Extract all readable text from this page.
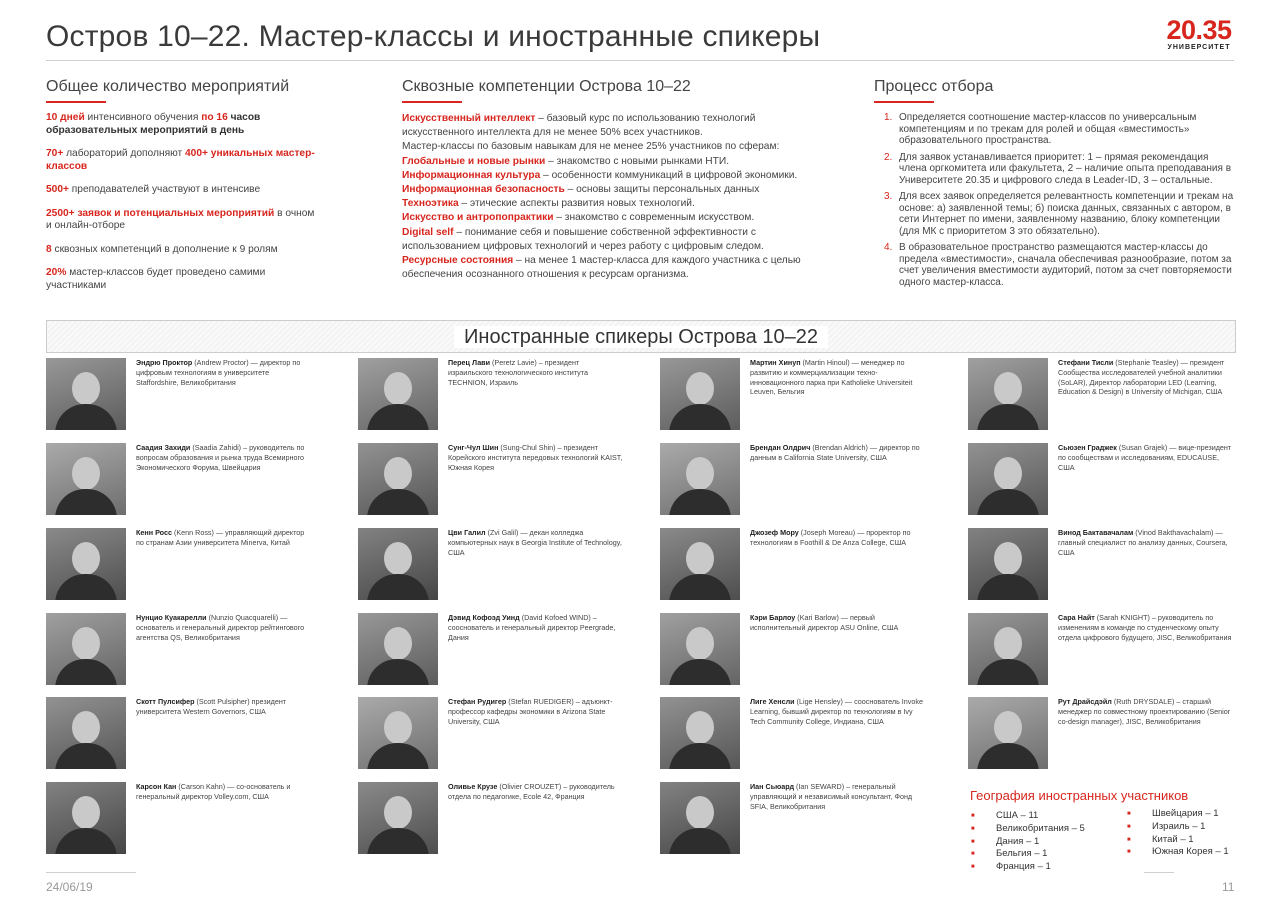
Остров 10–22. Мастер-классы и иностранные спикеры	20.35
УНИВЕРСИТЕТ
Общее количество мероприятий
10 дней интенсивного обучения по 16 часов образовательных мероприятий в день
70+ лабораторий дополняют 400+ уникальных мастер-классов
500+ преподавателей участвуют в интенсиве
2500+ заявок и потенциальных мероприятий в очном и онлайн-отборе
8 сквозных компетенций в дополнение к 9 ролям
20% мастер-классов будет проведено самими участниками
Сквозные компетенции Острова 10–22
Искусственный интеллект – базовый курс по использованию технологий искусственного интеллекта для не менее 50% всех участников.
Мастер-классы по базовым навыкам для не менее 25% участников по сферам:
Глобальные и новые рынки – знакомство с новыми рынками НТИ.
Информационная культура – особенности коммуникаций в цифровой экономики.
Информационная безопасность – основы защиты персональных данных
Техноэтика – этические аспекты развития новых технологий.
Искусство и антропопрактики – знакомство с современным искусством.
Digital self – понимание себя и повышение собственной эффективности с использованием цифровых технологий и через работу с цифровым следом.
Ресурсные состояния – на менее 1 мастер-класса для каждого участника с целью обеспечения осознанного отношения к ресурсам организма.
Процесс отбора
1. Определяется соотношение мастер-классов по универсальным компетенциям и по трекам для ролей и общая «вместимость» образовательного пространства.
2. Для заявок устанавливается приоритет: 1 – прямая рекомендация члена оргкомитета или факультета, 2 – наличие опыта преподавания в Университете 20.35 и цифрового следа в Leader-ID, 3 – остальные.
3. Для всех заявок определяется релевантность компетенции и трекам на основе: а) заявленной темы; б) поиска данных, связанных с автором, в сети Интернет по имени, заявленному названию, блоку компетенции (для МК с приоритетом 3 это обязательно).
4. В образовательное пространство размещаются мастер-классы до предела «вместимости», сначала обеспечивая разнообразие, потом за счет увеличения вместимости аудиторий, потом за счет повторяемости одного мастер-класса.
Иностранные спикеры Острова 10–22
Эндрю Проктор (Andrew Proctor) — директор по цифровым технологиям в университете Staffordshire, Великобритания
Саадия Захиди (Saadia Zahidi) – руководитель по вопросам образования и рынка труда Всемирного Экономического Форума, Швейцария
Кенн Росс (Kenn Ross) — управляющий директор по странам Азии университета Minerva, Китай
Нунцио Куакарелли (Nunzio Quacquarelli) — основатель и генеральный директор рейтингового агентства QS, Великобритания
Скотт Пулсифер (Scott Pulsipher) президент университета Western Governors, США
Карсон Кан (Carson Kahn) — со-основатель и генеральный директор Volley.com, США
Перец Лави (Peretz Lavie) – президент израильского технологического института TECHNION, Израиль
Сунг-Чул Шин (Sung-Chul Shin) – президент Корейского института передовых технологий KAIST, Южная Корея
Цви Галил (Zvi Galil) — декан колледжа компьютерных наук в Georgia Institute of Technology, США
Дэвид Кофоэд Уинд (David Kofoed WIND) – сооснователь и генеральный директор Peergrade, Дания
Стефан Рудигер (Stefan RUEDIGER) – адъюнкт-профессор кафедры экономики в Arizona State University, США
Оливье Крузе (Olivier CROUZET) – руководитель отдела по педагогике, Ecole 42, Франция
Мартин Хинуп (Martin Hinoul) — менеджер по развитию и коммерциализации техно-инновационного парка при Katholieke Universiteit Leuven, Бельгия
Брендан Олдрич (Brendan Aldrich) — директор по данным в California State University, США
Джозеф Мору (Joseph Moreau) — проректор по технологиям в Foothill & De Anza College, США
Кэри Барлоу (Kari Barlow) — первый исполнительный директор ASU Online, США
Лиге Хенсли (Lige Hensley) — сооснователь Invoke Learning, бывший директор по технологиям в Ivy Tech Community College, Индиана, США
Иан Сьюард (Ian SEWARD) – генеральный управляющий и независимый консультант, Фонд SFIA, Великобритания
Стефани Тисли (Stephanie Teasley) — президент Сообщества исследователей учебной аналитики (SoLAR), Директор лаборатории LED (Learning, Education & Design) в University of Michigan, США
Сьюзен Граджек (Susan Grajek) — вице-президент по сообществам и исследованиям, EDUCAUSE, США
Винод Бактавачалам (Vinod Bakthavachalam) — главный специалист по анализу данных, Coursera, США
Сара Найт (Sarah KNIGHT) – руководитель по изменениям в команде по студенческому опыту отдела цифрового будущего, JISC, Великобритания
Рут Драйсдэйл (Ruth DRYSDALE) – старший менеджер по совместному проектированию (Senior co-design manager), JISC, Великобритания
География иностранных участников
■ США – 11
■ Великобритания – 5
■ Дания – 1
■ Бельгия – 1
■ Франция – 1
■ Швейцария – 1
■ Израиль – 1
■ Китай – 1
■ Южная Корея – 1
24/06/19	11
